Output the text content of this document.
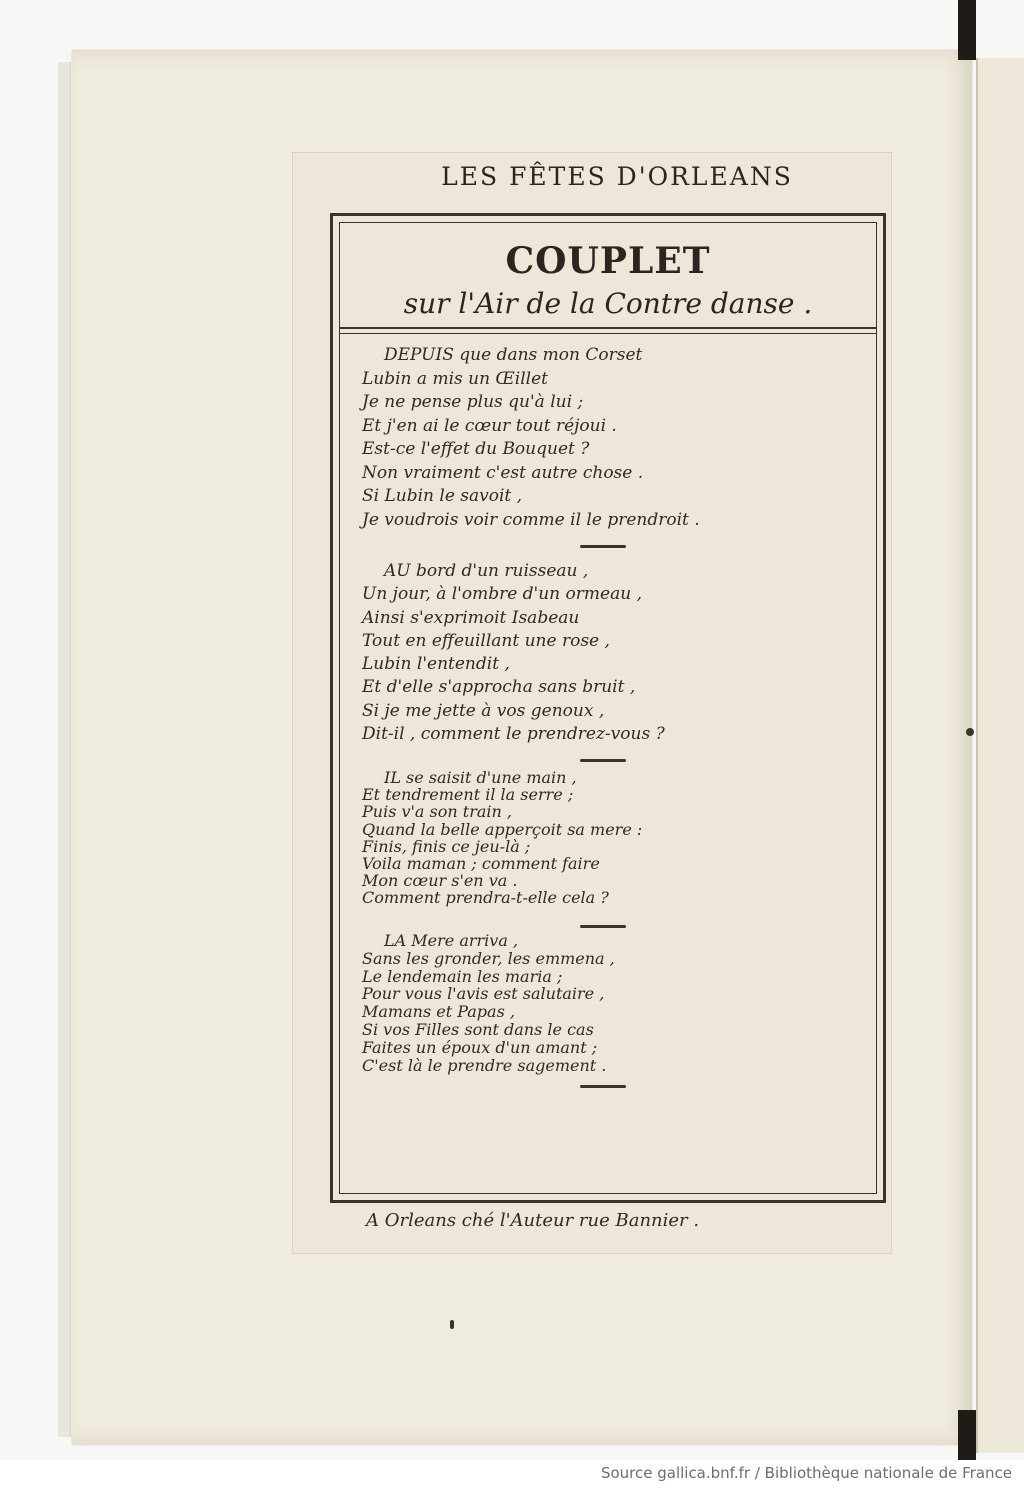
LES FÊTES D'ORLEANS
COUPLET
sur l'Air de la Contre danse .
DEPUIS que dans mon Corset
Lubin a mis un Œillet
Je ne pense plus qu'à lui ;
Et j'en ai le cœur tout réjoui .
Est-ce l'effet du Bouquet ?
Non vraiment c'est autre chose .
Si Lubin le savoit ,
Je voudrois voir comme il le prendroit .
AU bord d'un ruisseau ,
Un jour, à l'ombre d'un ormeau ,
Ainsi s'exprimoit Isabeau
Tout en effeuillant une rose ,
Lubin l'entendit ,
Et d'elle s'approcha sans bruit ,
Si je me jette à vos genoux ,
Dit-il , comment le prendrez-vous ?
IL se saisit d'une main ,
Et tendrement il la serre ;
Puis v'a son train ,
Quand la belle apperçoit sa mere :
Finis, finis ce jeu-là ;
Voila maman ; comment faire
Mon cœur s'en va .
Comment prendra-t-elle cela ?
LA Mere arriva ,
Sans les gronder, les emmena ,
Le lendemain les maria ;
Pour vous l'avis est salutaire ,
Mamans et Papas ,
Si vos Filles sont dans le cas
Faites un époux d'un amant ;
C'est là le prendre sagement .
A Orleans ché l'Auteur rue Bannier .
Source gallica.bnf.fr / Bibliothèque nationale de France
